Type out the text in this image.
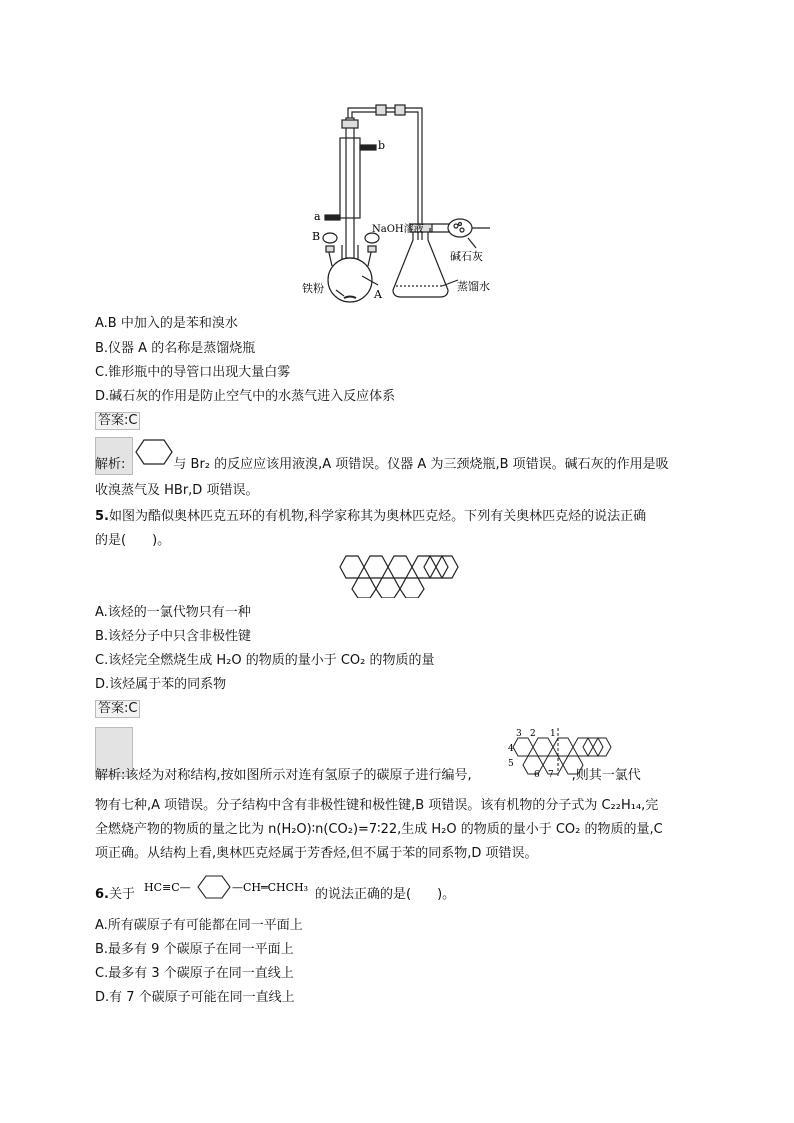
b
a
B
NaOH溶液
铁粉	A
碱石灰
蒸馏水
A.B 中加入的是苯和溴水
B.仪器 A 的名称是蒸馏烧瓶
C.锥形瓶中的导管口出现大量白雾
D.碱石灰的作用是防止空气中的水蒸气进入反应体系
答案:C
解析:	与 Br₂ 的反应应该用液溴,A 项错误。仪器 A 为三颈烧瓶,B 项错误。碱石灰的作用是吸
收溴蒸气及 HBr,D 项错误。
5.如图为酷似奥林匹克五环的有机物,科学家称其为奥林匹克烃。下列有关奥林匹克烃的说法正确
的是(　　)。
A.该烃的一氯代物只有一种
B.该烃分子中只含非极性键
C.该烃完全燃烧生成 H₂O 的物质的量小于 CO₂ 的物质的量
D.该烃属于苯的同系物
答案:C
1
2
3
4
5
6 7
解析:该烃为对称结构,按如图所示对连有氢原子的碳原子进行编号,	,则其一氯代
物有七种,A 项错误。分子结构中含有非极性键和极性键,B 项错误。该有机物的分子式为 C₂₂H₁₄,完
全燃烧产物的物质的量之比为 n(H₂O)∶n(CO₂)=7∶22,生成 H₂O 的物质的量小于 CO₂ 的物质的量,C
项正确。从结构上看,奥林匹克烃属于芳香烃,但不属于苯的同系物,D 项错误。
6.关于	的说法正确的是(　　)。
HC≡C—	—CH═CHCH₃
A.所有碳原子有可能都在同一平面上
B.最多有 9 个碳原子在同一平面上
C.最多有 3 个碳原子在同一直线上
D.有 7 个碳原子可能在同一直线上
